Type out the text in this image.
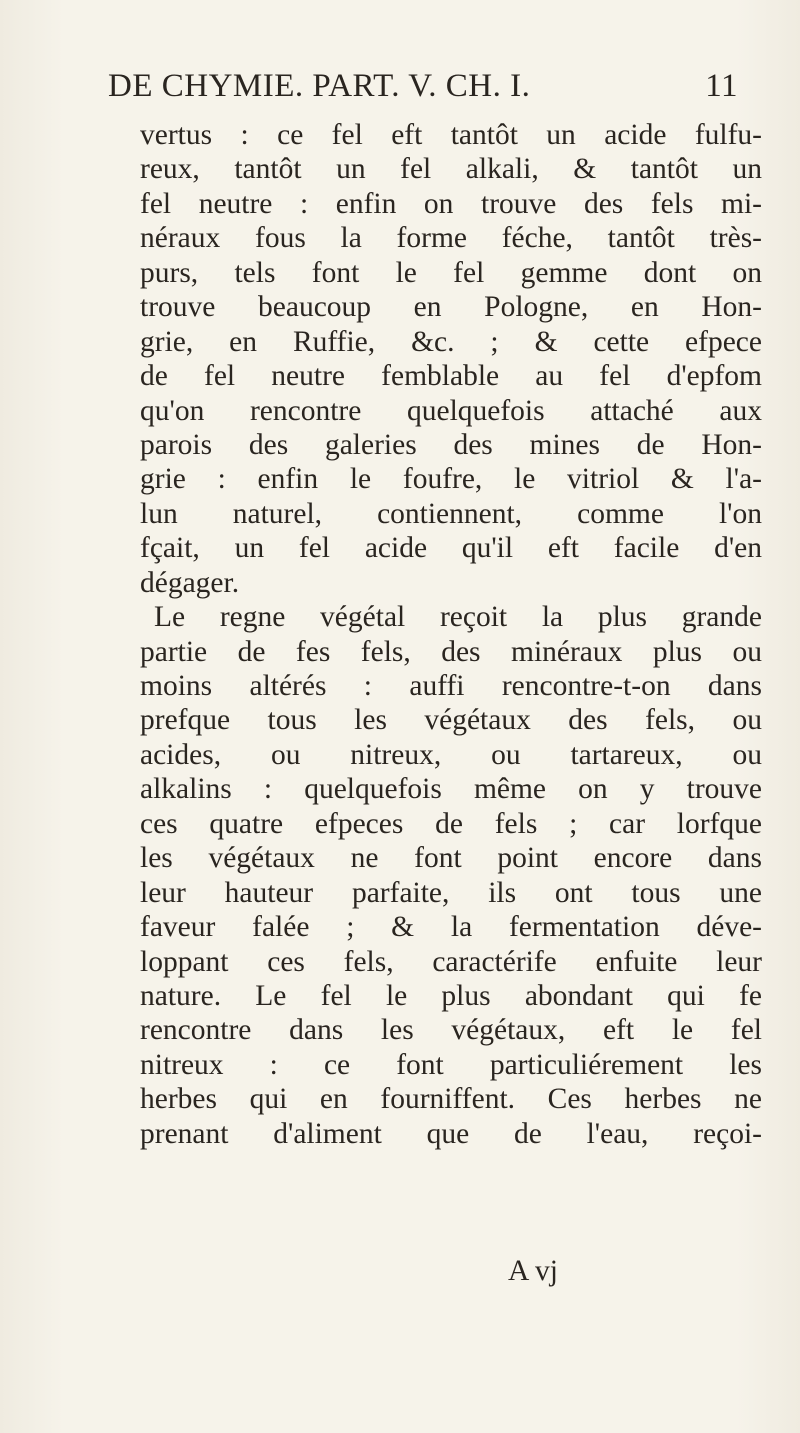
DE CHYMIE. PART. V. CH. I.	11
vertus : ce fel eft tantôt un acide fulfu-
reux, tantôt un fel alkali, & tantôt un
fel neutre : enfin on trouve des fels mi-
néraux fous la forme féche, tantôt très-
purs, tels font le fel gemme dont on
trouve beaucoup en Pologne, en Hon-
grie, en Ruffie, &c. ; & cette efpece
de fel neutre femblable au fel d'epfom
qu'on rencontre quelquefois attaché aux
parois des galeries des mines de Hon-
grie : enfin le foufre, le vitriol & l'a-
lun naturel, contiennent, comme l'on
fçait, un fel acide qu'il eft facile d'en
dégager.
Le regne végétal reçoit la plus grande
partie de fes fels, des minéraux plus ou
moins altérés : auffi rencontre-t-on dans
prefque tous les végétaux des fels, ou
acides, ou nitreux, ou tartareux, ou
alkalins : quelquefois même on y trouve
ces quatre efpeces de fels ; car lorfque
les végétaux ne font point encore dans
leur hauteur parfaite, ils ont tous une
faveur falée ; & la fermentation déve-
loppant ces fels, caractérife enfuite leur
nature. Le fel le plus abondant qui fe
rencontre dans les végétaux, eft le fel
nitreux : ce font particuliérement les
herbes qui en fourniffent. Ces herbes ne
prenant d'aliment que de l'eau, reçoi-
A vj
